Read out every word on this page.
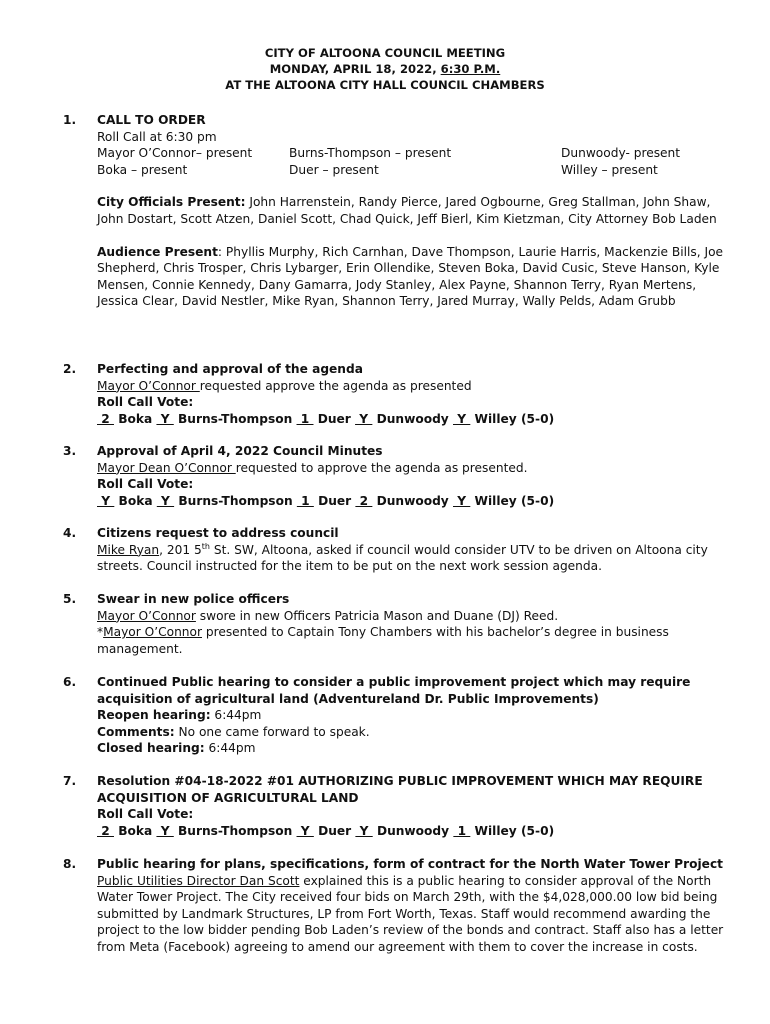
CITY OF ALTOONA COUNCIL MEETING
MONDAY, APRIL 18, 2022, 6:30 P.M.
AT THE ALTOONA CITY HALL COUNCIL CHAMBERS
1.	CALL TO ORDER
Roll Call at 6:30 pm
Mayor O’Connor– present	Burns-Thompson – present	Dunwoody- present
Boka – present	Duer – present	Willey – present

City Officials Present: John Harrenstein, Randy Pierce, Jared Ogbourne, Greg Stallman, John Shaw, John Dostart, Scott Atzen, Daniel Scott, Chad Quick, Jeff Bierl, Kim Kietzman, City Attorney Bob Laden

Audience Present: Phyllis Murphy, Rich Carnhan, Dave Thompson, Laurie Harris, Mackenzie Bills, Joe Shepherd, Chris Trosper, Chris Lybarger, Erin Ollendike, Steven Boka, David Cusic, Steve Hanson, Kyle Mensen, Connie Kennedy, Dany Gamarra, Jody Stanley, Alex Payne, Shannon Terry, Ryan Mertens, Jessica Clear, David Nestler, Mike Ryan, Shannon Terry, Jared Murray, Wally Pelds, Adam Grubb

2.	Perfecting and approval of the agenda
Mayor O’Connor requested approve the agenda as presented
Roll Call Vote:
2  Boka  Y  Burns-Thompson  1  Duer  Y  Dunwoody  Y  Willey (5-0)
3.	Approval of April 4, 2022 Council Minutes
Mayor Dean O’Connor requested to approve the agenda as presented.
Roll Call Vote:
Y  Boka  Y  Burns-Thompson  1  Duer  2  Dunwoody  Y  Willey (5-0)
4.	Citizens request to address council

Mike Ryan, 201 5th St. SW, Altoona, asked if council would consider UTV to be driven on Altoona city streets. Council instructed for the item to be put on the next work session agenda.

5.	Swear in new police officers
Mayor O’Connor swore in new Officers Patricia Mason and Duane (DJ) Reed.

*Mayor O’Connor presented to Captain Tony Chambers with his bachelor’s degree in business management.

6.	Continued Public hearing to consider a public improvement project which may require acquisition of agricultural land (Adventureland Dr. Public Improvements)

Reopen hearing: 6:44pm
Comments: No one came forward to speak.
Closed hearing: 6:44pm
7.	Resolution #04-18-2022 #01 AUTHORIZING PUBLIC IMPROVEMENT WHICH MAY REQUIRE ACQUISITION OF AGRICULTURAL LAND

Roll Call Vote:
2  Boka  Y  Burns-Thompson  Y  Duer  Y  Dunwoody  1  Willey (5-0)
8.	Public hearing for plans, specifications, form of contract for the North Water Tower Project

Public Utilities Director Dan Scott explained this is a public hearing to consider approval of the North Water Tower Project. The City received four bids on March 29th, with the $4,028,000.00 low bid being submitted by Landmark Structures, LP from Fort Worth, Texas. Staff would recommend awarding the project to the low bidder pending Bob Laden’s review of the bonds and contract. Staff also has a letter from Meta (Facebook) agreeing to amend our agreement with them to cover the increase in costs.
